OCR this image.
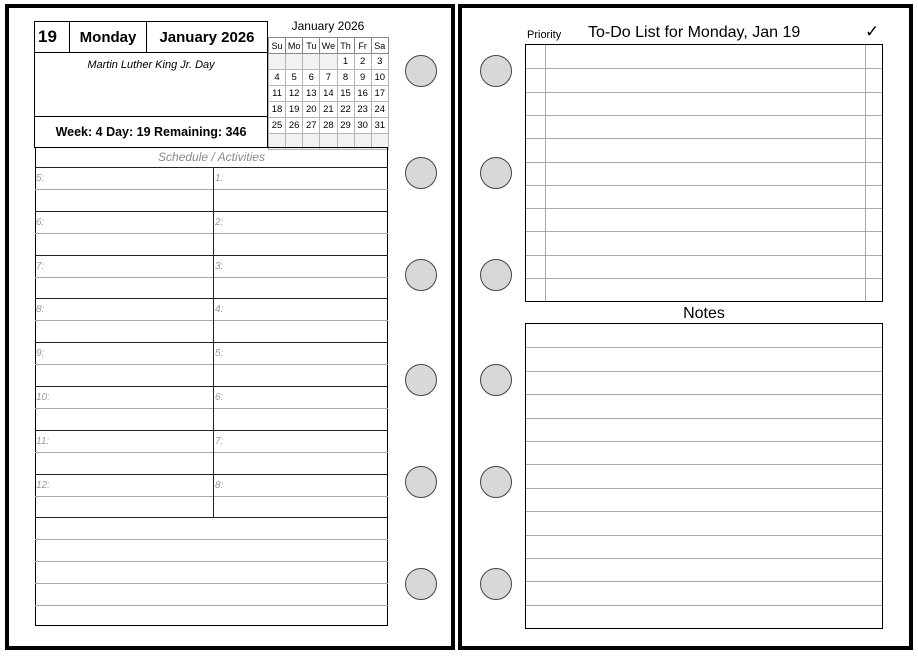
19	Monday	January 2026
Martin Luther King Jr. Day
Week: 4 Day: 19 Remaining: 346
January 2026
Su	Mo	Tu	We	Th	Fr	Sa
				1	2	3
4	5	6	7	8	9	10
11	12	13	14	15	16	17
18	19	20	21	22	23	24
25	26	27	28	29	30	31

Schedule / Activities
5:
6:
7:
8:
9:
10:
11:
12:
1:
2:
3:
4:
5:
6:
7:
8:
Priority To-Do List for Monday, Jan 19	✓
Notes
